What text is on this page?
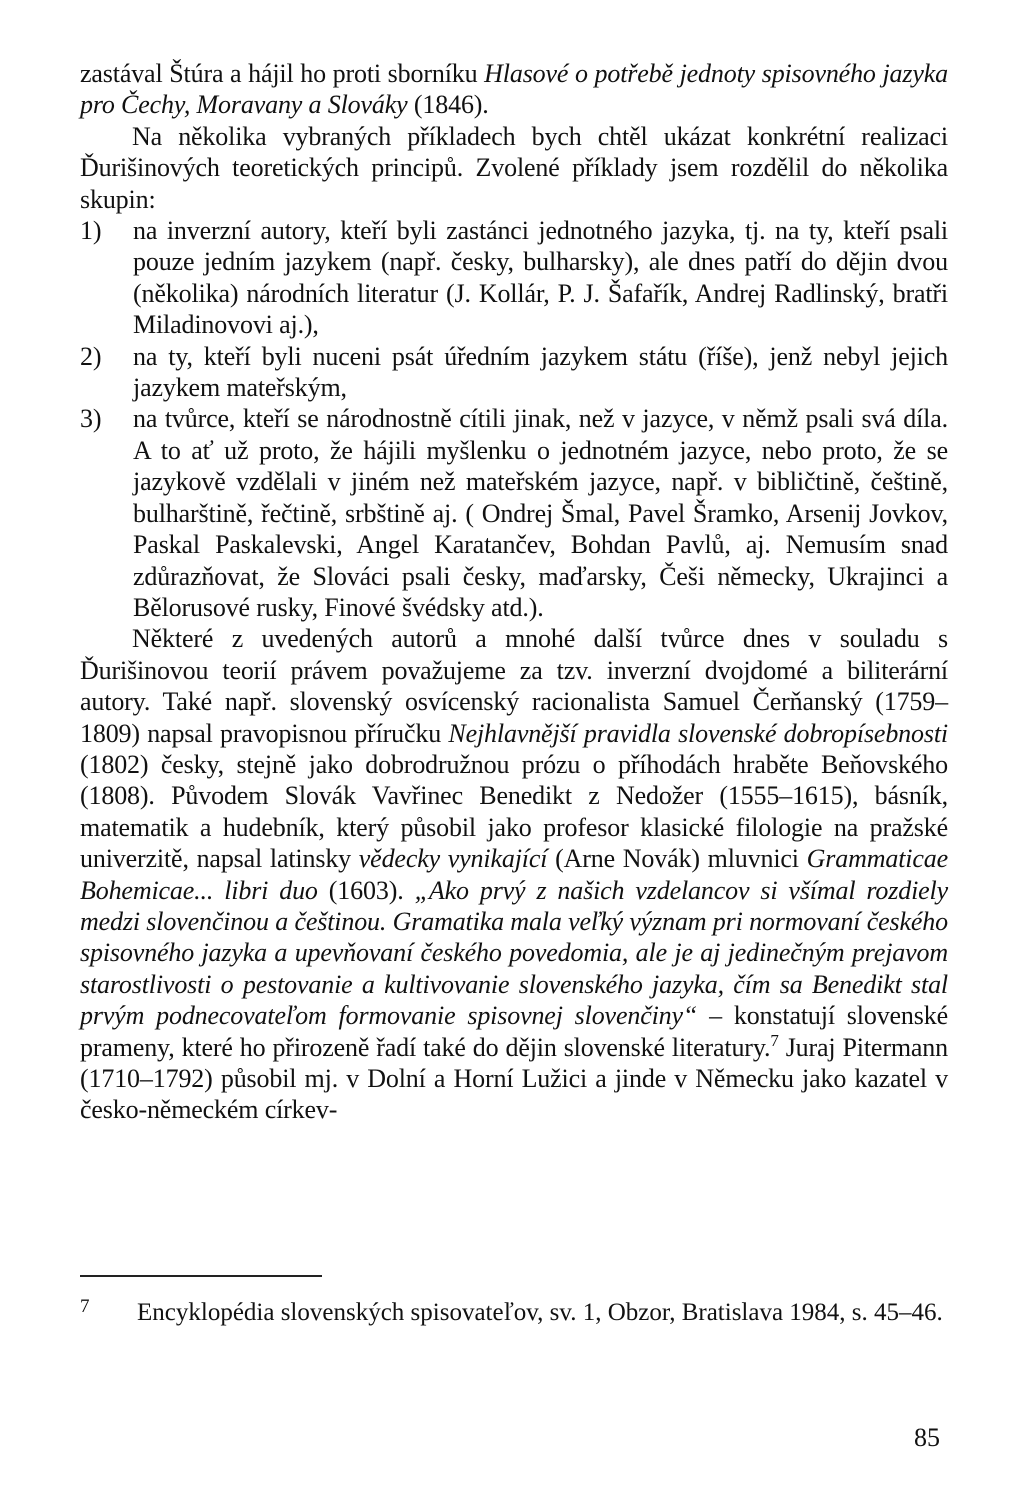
zastával Štúra a hájil ho proti sborníku Hlasové o potřebě jednoty spisovného jazyka pro Čechy, Moravany a Slováky (1846).

Na několika vybraných příkladech bych chtěl ukázat konkrétní realizaci Ďurišinových teoretických principů. Zvolené příklady jsem rozdělil do několika skupin:

1) na inverzní autory, kteří byli zastánci jednotného jazyka, tj. na ty, kteří psali pouze jedním jazykem (např. česky, bulharsky), ale dnes patří do dějin dvou (několika) národních literatur (J. Kollár, P. J. Šafařík, Andrej Radlinský, bratři Miladinovovi aj.),
2) na ty, kteří byli nuceni psát úředním jazykem státu (říše), jenž nebyl jejich jazykem mateřským,
3) na tvůrce, kteří se národnostně cítili jinak, než v jazyce, v němž psali svá díla. A to ať už proto, že hájili myšlenku o jednotném jazyce, nebo proto, že se jazykově vzdělali v jiném než mateřském jazyce, např. v bibličtině, češtině, bulharštině, řečtině, srbštině aj. ( Ondrej Šmal, Pavel Šramko, Arsenij Jovkov, Paskal Paskalevski, Angel Karatančev, Bohdan Pavlů, aj. Nemusím snad zdůrazňovat, že Slováci psali česky, maďarsky, Češi německy, Ukrajinci a Bělorusové rusky, Finové švédsky atd.).

Některé z uvedených autorů a mnohé další tvůrce dnes v souladu s Ďurišinovou teorií právem považujeme za tzv. inverzní dvojdomé a biliterární autory. Také např. slovenský osvícenský racionalista Samuel Čerňanský (1759–1809) napsal pravopisnou příručku Nejhlavnější pravidla slovenské dobropísebnosti (1802) česky, stejně jako dobrodružnou prózu o příhodách hraběte Beňovského (1808). Původem Slovák Vavřinec Benedikt z Nedožer (1555–1615), básník, matematik a hudebník, který působil jako profesor klasické filologie na pražské univerzitě, napsal latinsky vědecky vynikající (Arne Novák) mluvnici Grammaticae Bohemicae... libri duo (1603). „Ako prvý z našich vzdelancov si všímal rozdiely medzi slovenčinou a češtinou. Gramatika mala veľký význam pri normovaní českého spisovného jazyka a upevňovaní českého povedomia, ale je aj jedinečným prejavom starostlivosti o pestovanie a kultivovanie slovenského jazyka, čím sa Benedikt stal prvým podnecovateľom formovanie spisovnej slovenčiny“ – konstatují slovenské prameny, které ho přirozeně řadí také do dějin slovenské literatury.$^7$ Juraj Pitermann (1710–1792) působil mj. v Dolní a Horní Lužici a jinde v Německu jako kazatel v česko-německém církev-

7	Encyklopédia slovenských spisovateľov, sv. 1, Obzor, Bratislava 1984, s. 45–46.
85
